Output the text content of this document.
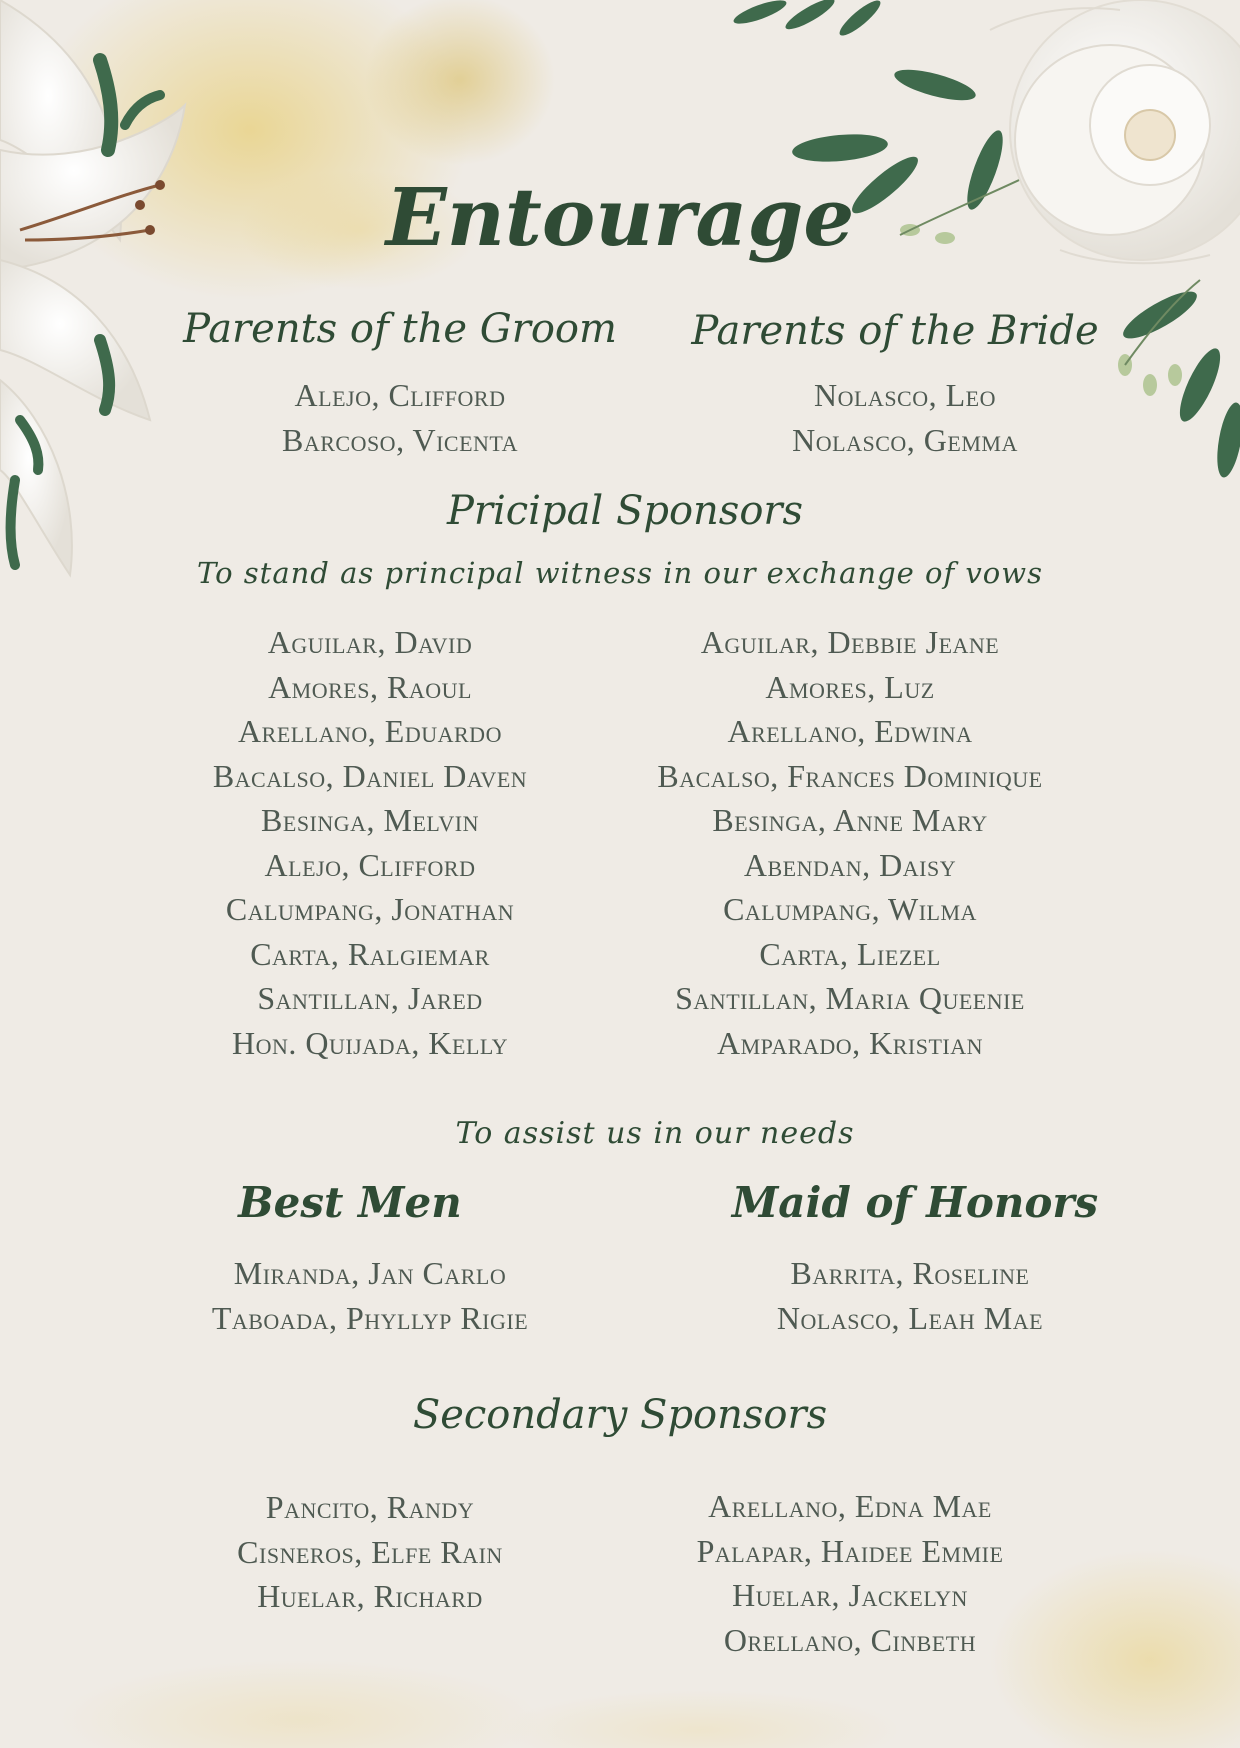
Entourage
Parents of the Groom
Alejo, Clifford
Barcoso, Vicenta
Parents of the Bride
Nolasco, Leo
Nolasco, Gemma
Pricipal Sponsors
To stand as principal witness in our exchange of vows
Aguilar, David
Amores, Raoul
Arellano, Eduardo
Bacalso, Daniel Daven
Besinga, Melvin
Alejo, Clifford
Calumpang, Jonathan
Carta, Ralgiemar
Santillan, Jared
Hon. Quijada, Kelly
Aguilar, Debbie Jeane
Amores, Luz
Arellano, Edwina
Bacalso, Frances Dominique
Besinga, Anne Mary
Abendan, Daisy
Calumpang, Wilma
Carta, Liezel
Santillan, Maria Queenie
Amparado, Kristian
To assist us in our needs
Best Men	Maid of Honors
Miranda, Jan Carlo
Taboada, Phyllyp Rigie
Barrita, Roseline
Nolasco, Leah Mae
Secondary Sponsors
Pancito, Randy
Cisneros, Elfe Rain
Huelar, Richard
Arellano, Edna Mae
Palapar, Haidee Emmie
Huelar, Jackelyn
Orellano, Cinbeth
